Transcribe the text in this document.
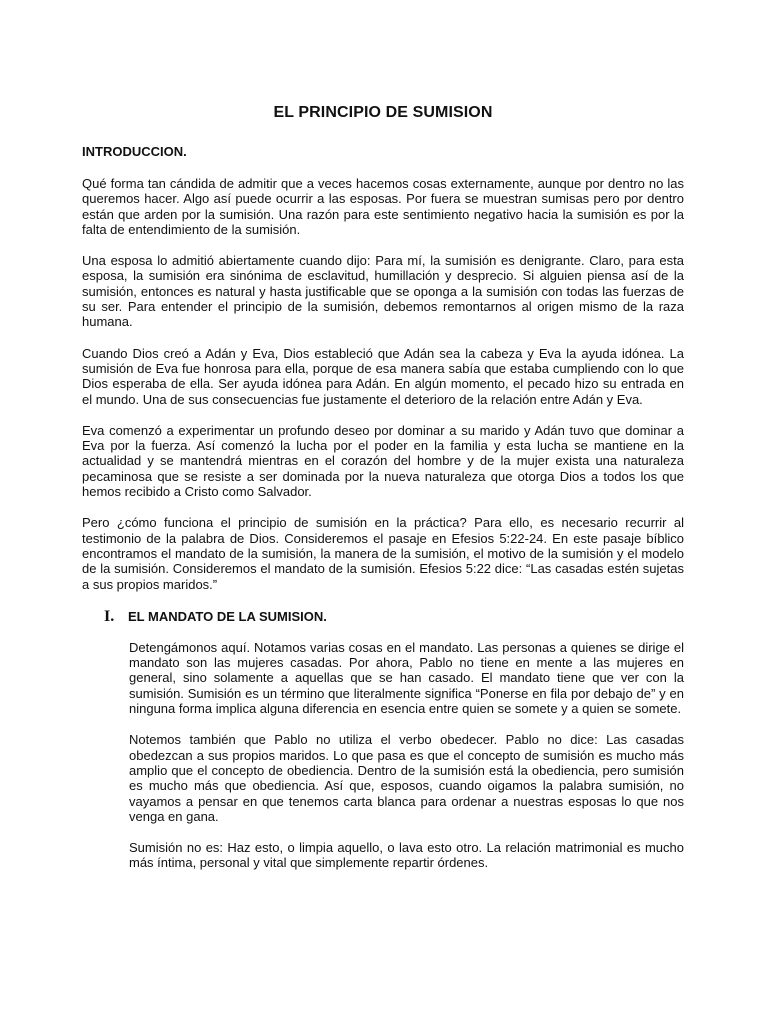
EL PRINCIPIO DE SUMISION
INTRODUCCION.

Qué forma tan cándida de admitir que a veces hacemos cosas externamente, aunque por dentro no las queremos hacer. Algo así puede ocurrir a las esposas. Por fuera se muestran sumisas pero por dentro están que arden por la sumisión. Una razón para este sentimiento negativo hacia la sumisión es por la falta de entendimiento de la sumisión.

Una esposa lo admitió abiertamente cuando dijo: Para mí, la sumisión es denigrante. Claro, para esta esposa, la sumisión era sinónima de esclavitud, humillación y desprecio. Si alguien piensa así de la sumisión, entonces es natural y hasta justificable que se oponga a la sumisión con todas las fuerzas de su ser. Para entender el principio de la sumisión, debemos remontarnos al origen mismo de la raza humana.

Cuando Dios creó a Adán y Eva, Dios estableció que Adán sea la cabeza y Eva la ayuda idónea. La sumisión de Eva fue honrosa para ella, porque de esa manera sabía que estaba cumpliendo con lo que Dios esperaba de ella. Ser ayuda idónea para Adán. En algún momento, el pecado hizo su entrada en el mundo. Una de sus consecuencias fue justamente el deterioro de la relación entre Adán y Eva.

Eva comenzó a experimentar un profundo deseo por dominar a su marido y Adán tuvo que dominar a Eva por la fuerza. Así comenzó la lucha por el poder en la familia y esta lucha se mantiene en la actualidad y se mantendrá mientras en el corazón del hombre y de la mujer exista una naturaleza pecaminosa que se resiste a ser dominada por la nueva naturaleza que otorga Dios a todos los que hemos recibido a Cristo como Salvador.

Pero ¿cómo funciona el principio de sumisión en la práctica? Para ello, es necesario recurrir al testimonio de la palabra de Dios. Consideremos el pasaje en Efesios 5:22-24. En este pasaje bíblico encontramos el mandato de la sumisión, la manera de la sumisión, el motivo de la sumisión y el modelo de la sumisión. Consideremos el mandato de la sumisión. Efesios 5:22 dice: “Las casadas estén sujetas a sus propios maridos.”

I.	EL MANDATO DE LA SUMISION.

Detengámonos aquí. Notamos varias cosas en el mandato. Las personas a quienes se dirige el mandato son las mujeres casadas. Por ahora, Pablo no tiene en mente a las mujeres en general, sino solamente a aquellas que se han casado. El mandato tiene que ver con la sumisión. Sumisión es un término que literalmente significa “Ponerse en fila por debajo de” y en ninguna forma implica alguna diferencia en esencia entre quien se somete y a quien se somete.

Notemos también que Pablo no utiliza el verbo obedecer. Pablo no dice: Las casadas obedezcan a sus propios maridos. Lo que pasa es que el concepto de sumisión es mucho más amplio que el concepto de obediencia. Dentro de la sumisión está la obediencia, pero sumisión es mucho más que obediencia. Así que, esposos, cuando oigamos la palabra sumisión, no vayamos a pensar en que tenemos carta blanca para ordenar a nuestras esposas lo que nos venga en gana.

Sumisión no es: Haz esto, o limpia aquello, o lava esto otro. La relación matrimonial es mucho más íntima, personal y vital que simplemente repartir órdenes.
